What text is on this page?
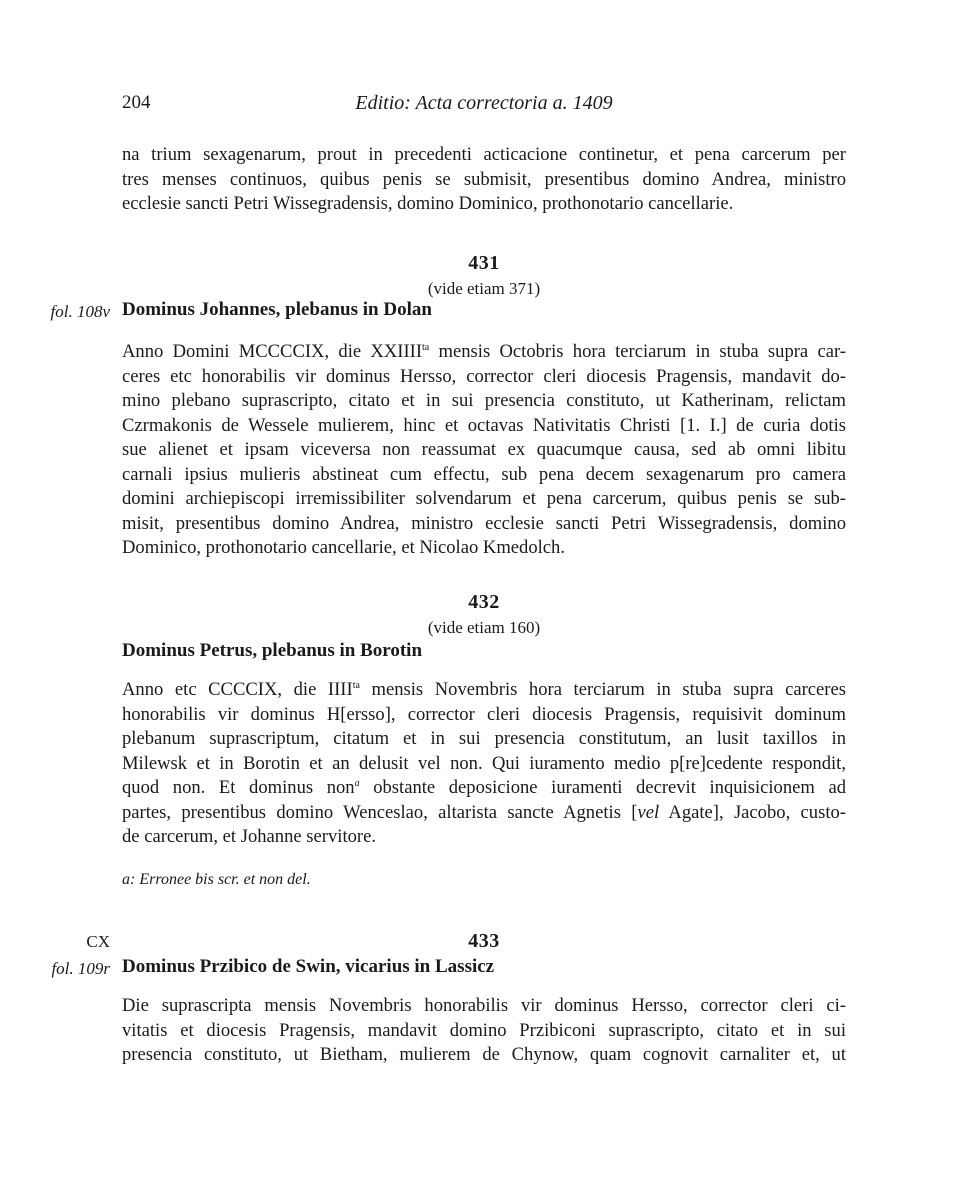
204	Editio: Acta correctoria a. 1409

na trium sexagenarum, prout in precedenti acticacione continetur, et pena carcerum per
tres menses continuos, quibus penis se submisit, presentibus domino Andrea, ministro
ecclesie sancti Petri Wissegradensis, domino Dominico, prothonotario cancellarie.

431
(vide etiam 371)
fol. 108v Dominus Johannes, plebanus in Dolan

Anno Domini MCCCCIX, die $XXIIII^{ta}$ mensis Octobris hora terciarum in stuba supra car-
ceres etc honorabilis vir dominus Hersso, corrector cleri diocesis Pragensis, mandavit do-
mino plebano suprascripto, citato et in sui presencia constituto, ut Katherinam, relictam
Czrmakonis de Wessele mulierem, hinc et octavas Nativitatis Christi [1. I.] de curia dotis
sue alienet et ipsam viceversa non reassumat ex quacumque causa, sed ab omni libitu
carnali ipsius mulieris abstineat cum effectu, sub pena decem sexagenarum pro camera
domini archiepiscopi irremissibiliter solvendarum et pena carcerum, quibus penis se sub-
misit, presentibus domino Andrea, ministro ecclesie sancti Petri Wissegradensis, domino
Dominico, prothonotario cancellarie, et Nicolao Kmedolch.

432
(vide etiam 160)
Dominus Petrus, plebanus in Borotin

Anno etc CCCCIX, die $IIII^{ta}$ mensis Novembris hora terciarum in stuba supra carceres
honorabilis vir dominus H[ersso], corrector cleri diocesis Pragensis, requisivit dominum
plebanum suprascriptum, citatum et in sui presencia constitutum, an lusit taxillos in
Milewsk et in Borotin et an delusit vel non. Qui iuramento medio p[re]cedente respondit,
quod non. Et dominus non$^a$ obstante deposicione iuramenti decrevit inquisicionem ad
partes, presentibus domino Wenceslao, altarista sancte Agnetis [vel Agate], Jacobo, custo-
de carcerum, et Johanne servitore.

a: Erronee bis scr. et non del.
CX	433
fol. 109r Dominus Przibico de Swin, vicarius in Lassicz

Die suprascripta mensis Novembris honorabilis vir dominus Hersso, corrector cleri ci-
vitatis et diocesis Pragensis, mandavit domino Przibiconi suprascripto, citato et in sui
presencia constituto, ut Bietham, mulierem de Chynow, quam cognovit carnaliter et, ut
